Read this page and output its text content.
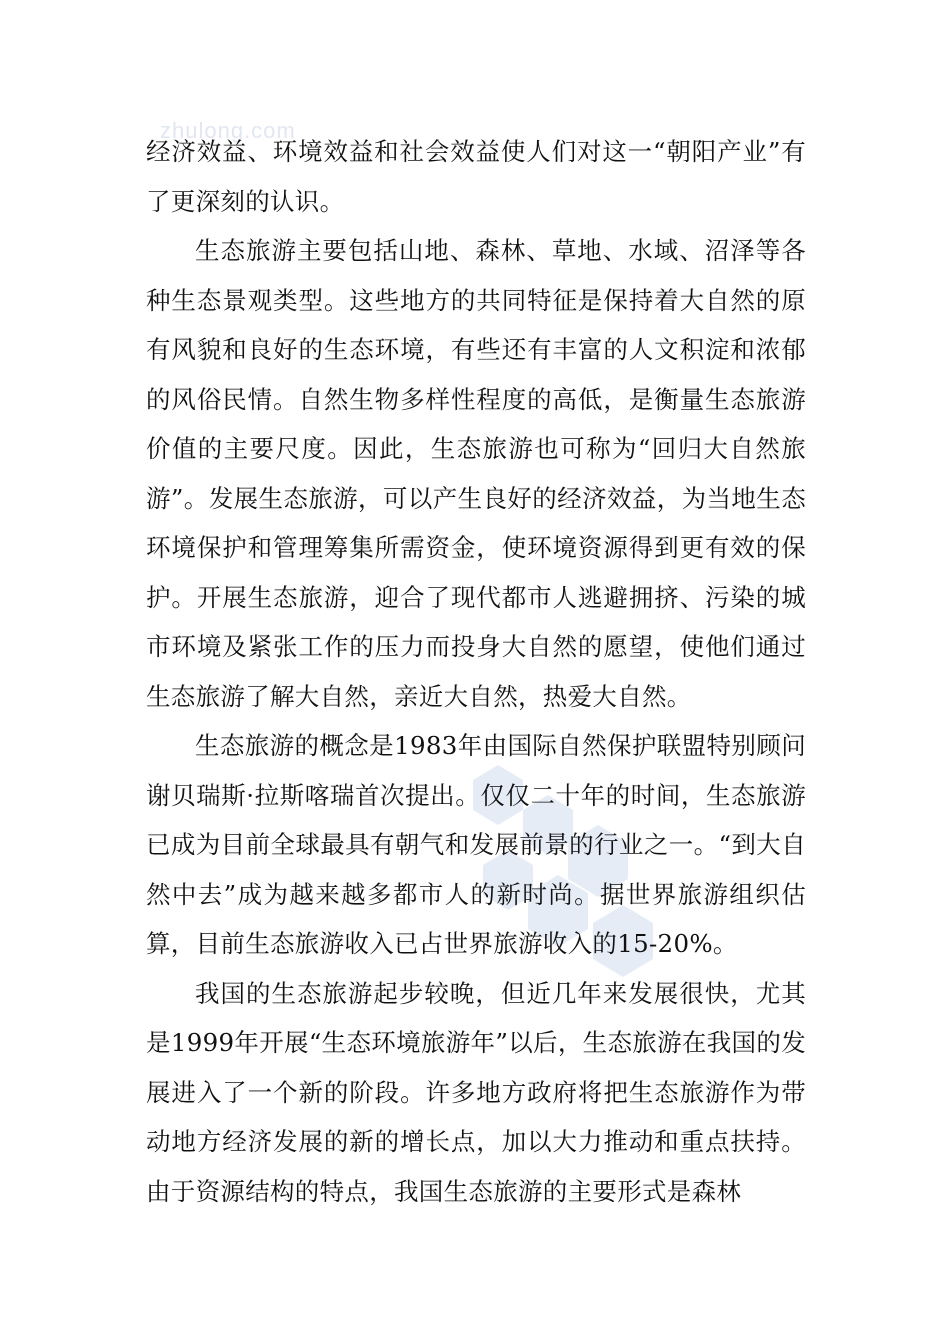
zhulong.com

经济效益、环境效益和社会效益使人们对这一“朝阳产业”有了更深刻的认识。

生态旅游主要包括山地、森林、草地、水域、沼泽等各种生态景观类型。这些地方的共同特征是保持着大自然的原有风貌和良好的生态环境，有些还有丰富的人文积淀和浓郁的风俗民情。自然生物多样性程度的高低，是衡量生态旅游价值的主要尺度。因此，生态旅游也可称为“回归大自然旅游”。发展生态旅游，可以产生良好的经济效益，为当地生态环境保护和管理筹集所需资金，使环境资源得到更有效的保护。开展生态旅游，迎合了现代都市人逃避拥挤、污染的城市环境及紧张工作的压力而投身大自然的愿望，使他们通过生态旅游了解大自然，亲近大自然，热爱大自然。

生态旅游的概念是1983年由国际自然保护联盟特别顾问谢贝瑞斯·拉斯喀瑞首次提出。仅仅二十年的时间，生态旅游已成为目前全球最具有朝气和发展前景的行业之一。“到大自然中去”成为越来越多都市人的新时尚。据世界旅游组织估算，目前生态旅游收入已占世界旅游收入的15-20%。

我国的生态旅游起步较晚，但近几年来发展很快，尤其是1999年开展“生态环境旅游年”以后，生态旅游在我国的发展进入了一个新的阶段。许多地方政府将把生态旅游作为带动地方经济发展的新的增长点，加以大力推动和重点扶持。由于资源结构的特点，我国生态旅游的主要形式是森林
